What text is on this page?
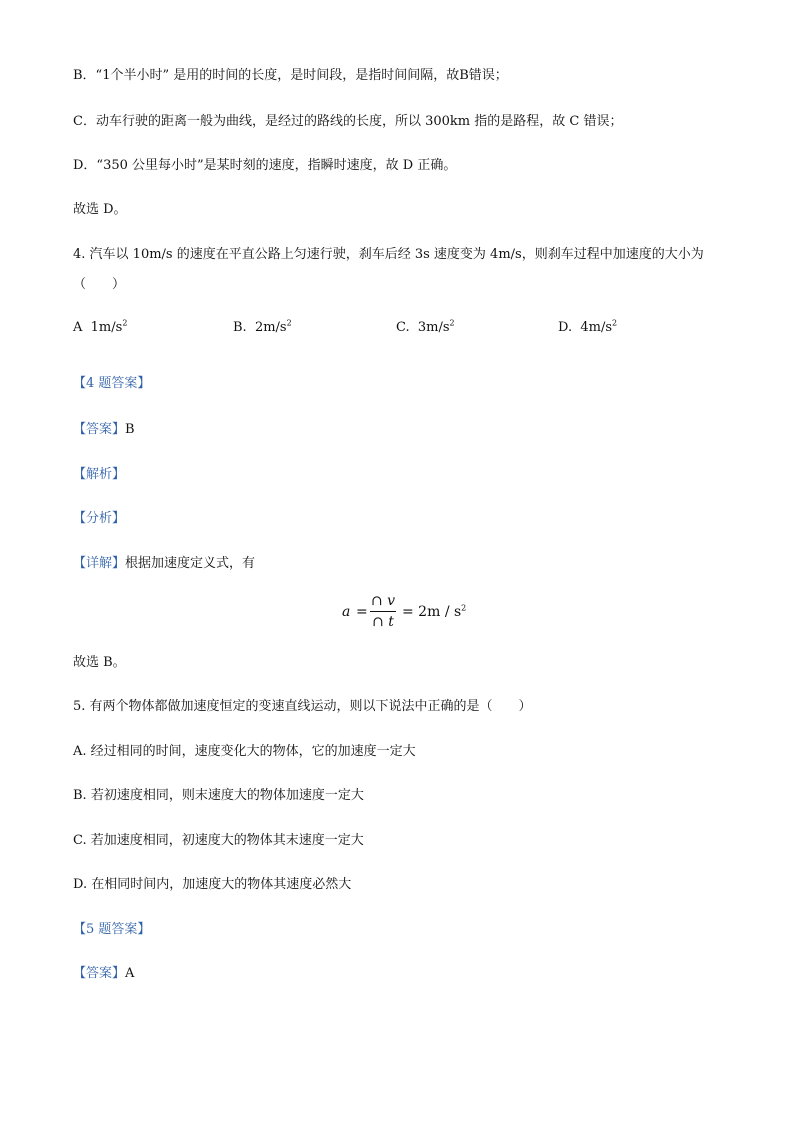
B．“1个半小时” 是用的时间的长度，是时间段，是指时间间隔，故B错误；
C．动车行驶的距离一般为曲线，是经过的路线的长度，所以 300km 指的是路程，故 C 错误；
D．“350 公里每小时”是某时刻的速度，指瞬时速度，故 D 正确。
故选 D。
4. 汽车以 10m/s 的速度在平直公路上匀速行驶，刹车后经 3s 速度变为 4m/s，则刹车过程中加速度的大小为
（　　）
A $1m/s^2$	B. $2m/s^2$	C. $3m/s^2$	D. $4m/s^2$
【4 题答案】
【答案】B
【解析】
【分析】
【详解】根据加速度定义式，有
a =
∩ v
∩ t
= $2m / s^2$
故选 B。
5. 有两个物体都做加速度恒定的变速直线运动，则以下说法中正确的是（　　）
A. 经过相同的时间，速度变化大的物体，它的加速度一定大
B. 若初速度相同，则末速度大的物体加速度一定大
C. 若加速度相同，初速度大的物体其末速度一定大
D. 在相同时间内，加速度大的物体其速度必然大
【5 题答案】
【答案】A
